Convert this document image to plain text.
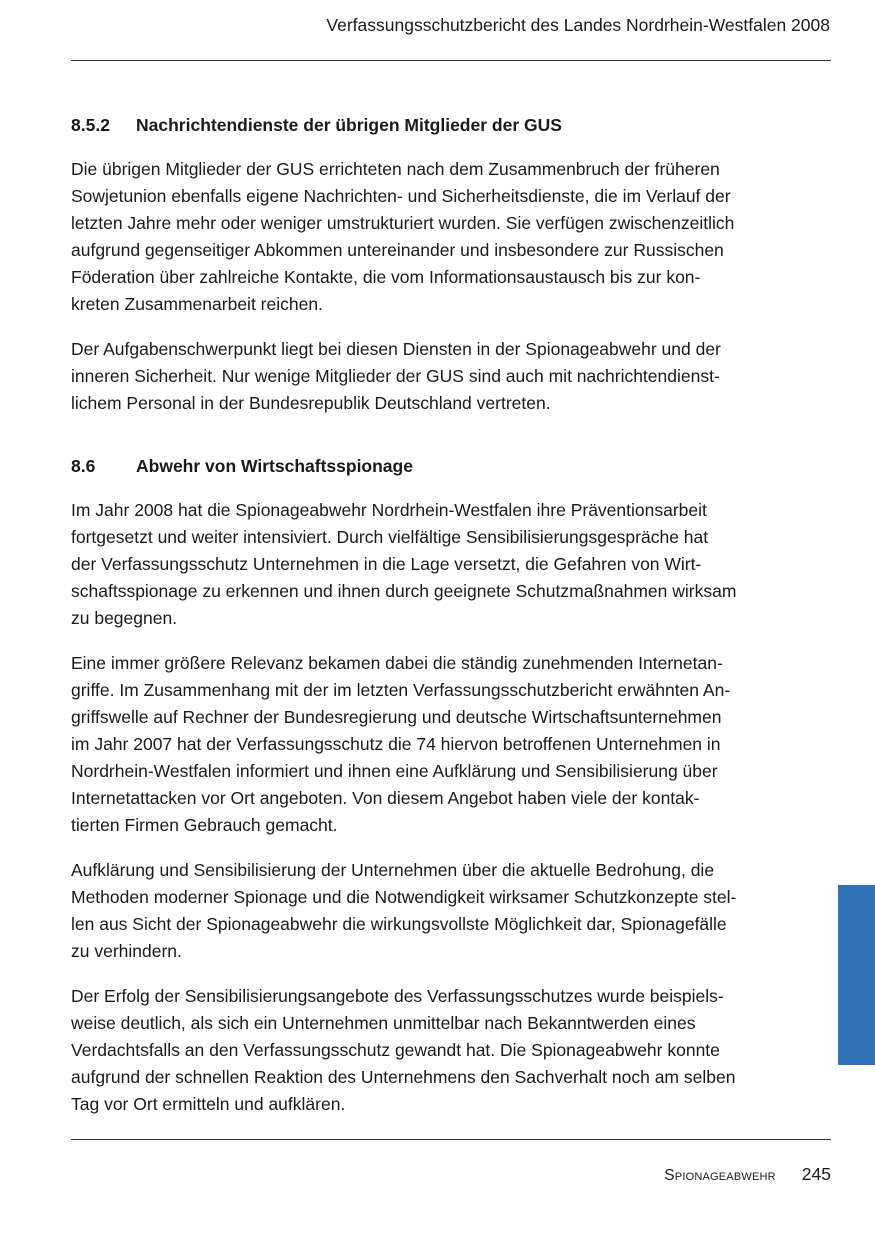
Verfassungsschutzbericht des Landes Nordrhein-Westfalen 2008
8.5.2	Nachrichtendienste der übrigen Mitglieder der GUS

Die übrigen Mitglieder der GUS errichteten nach dem Zusammenbruch der früheren
Sowjetunion ebenfalls eigene Nachrichten- und Sicherheitsdienste, die im Verlauf der
letzten Jahre mehr oder weniger umstrukturiert wurden. Sie verfügen zwischenzeitlich
aufgrund gegenseitiger Abkommen untereinander und insbesondere zur Russischen
Föderation über zahlreiche Kontakte, die vom Informationsaustausch bis zur kon-
kreten Zusammenarbeit reichen.

Der Aufgabenschwerpunkt liegt bei diesen Diensten in der Spionageabwehr und der
inneren Sicherheit. Nur wenige Mitglieder der GUS sind auch mit nachrichtendienst-
lichem Personal in der Bundesrepublik Deutschland vertreten.

8.6	Abwehr von Wirtschaftsspionage

Im Jahr 2008 hat die Spionageabwehr Nordrhein-Westfalen ihre Präventionsarbeit
fortgesetzt und weiter intensiviert. Durch vielfältige Sensibilisierungsgespräche hat
der Verfassungsschutz Unternehmen in die Lage versetzt, die Gefahren von Wirt-
schaftsspionage zu erkennen und ihnen durch geeignete Schutzmaßnahmen wirksam
zu begegnen.

Eine immer größere Relevanz bekamen dabei die ständig zunehmenden Internetan-
griffe. Im Zusammenhang mit der im letzten Verfassungsschutzbericht erwähnten An-
griffswelle auf Rechner der Bundesregierung und deutsche Wirtschaftsunternehmen
im Jahr 2007 hat der Verfassungsschutz die 74 hiervon betroffenen Unternehmen in
Nordrhein-Westfalen informiert und ihnen eine Aufklärung und Sensibilisierung über
Internetattacken vor Ort angeboten. Von diesem Angebot haben viele der kontak-
tierten Firmen Gebrauch gemacht.

Aufklärung und Sensibilisierung der Unternehmen über die aktuelle Bedrohung, die
Methoden moderner Spionage und die Notwendigkeit wirksamer Schutzkonzepte stel-
len aus Sicht der Spionageabwehr die wirkungsvollste Möglichkeit dar, Spionagefälle
zu verhindern.

Der Erfolg der Sensibilisierungsangebote des Verfassungsschutzes wurde beispiels-
weise deutlich, als sich ein Unternehmen unmittelbar nach Bekanntwerden eines
Verdachtsfalls an den Verfassungsschutz gewandt hat. Die Spionageabwehr konnte
aufgrund der schnellen Reaktion des Unternehmens den Sachverhalt noch am selben
Tag vor Ort ermitteln und aufklären.

Spionageabwehr 245
